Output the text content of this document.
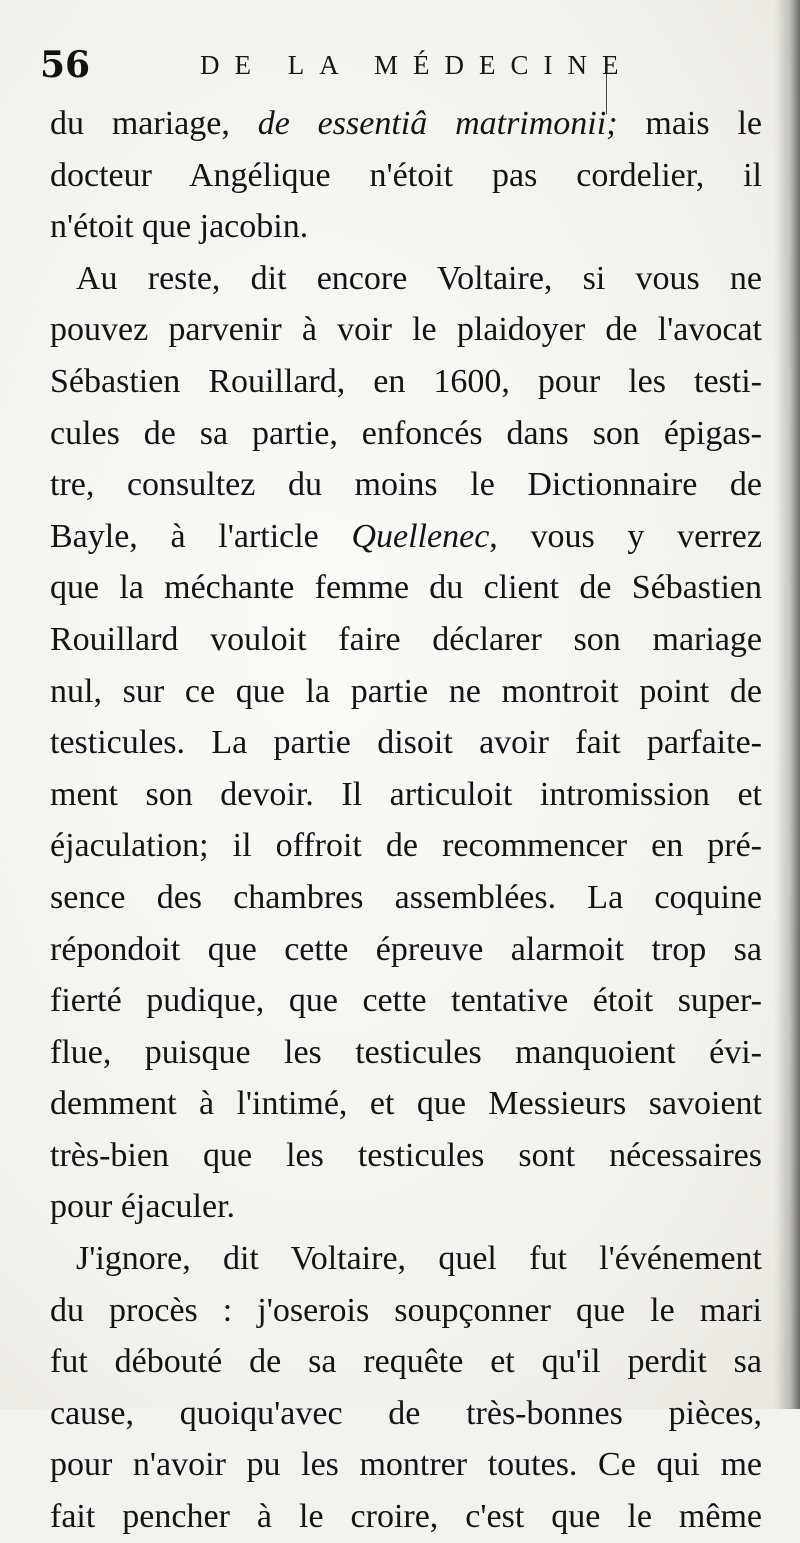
56	DE LA MÉDECINE
du mariage, de essentiâ matrimonii; mais le
docteur Angélique n'étoit pas cordelier, il
n'étoit que jacobin.
Au reste, dit encore Voltaire, si vous ne
pouvez parvenir à voir le plaidoyer de l'avocat
Sébastien Rouillard, en 1600, pour les testi-
cules de sa partie, enfoncés dans son épigas-
tre, consultez du moins le Dictionnaire de
Bayle, à l'article Quellenec, vous y verrez
que la méchante femme du client de Sébastien
Rouillard vouloit faire déclarer son mariage
nul, sur ce que la partie ne montroit point de
testicules. La partie disoit avoir fait parfaite-
ment son devoir. Il articuloit intromission et
éjaculation; il offroit de recommencer en pré-
sence des chambres assemblées. La coquine
répondoit que cette épreuve alarmoit trop sa
fierté pudique, que cette tentative étoit super-
flue, puisque les testicules manquoient évi-
demment à l'intimé, et que Messieurs savoient
très-bien que les testicules sont nécessaires
pour éjaculer.
J'ignore, dit Voltaire, quel fut l'événement
du procès : j'oserois soupçonner que le mari
fut débouté de sa requête et qu'il perdit sa
cause, quoiqu'avec de très-bonnes pièces,
pour n'avoir pu les montrer toutes. Ce qui me
fait pencher à le croire, c'est que le même
